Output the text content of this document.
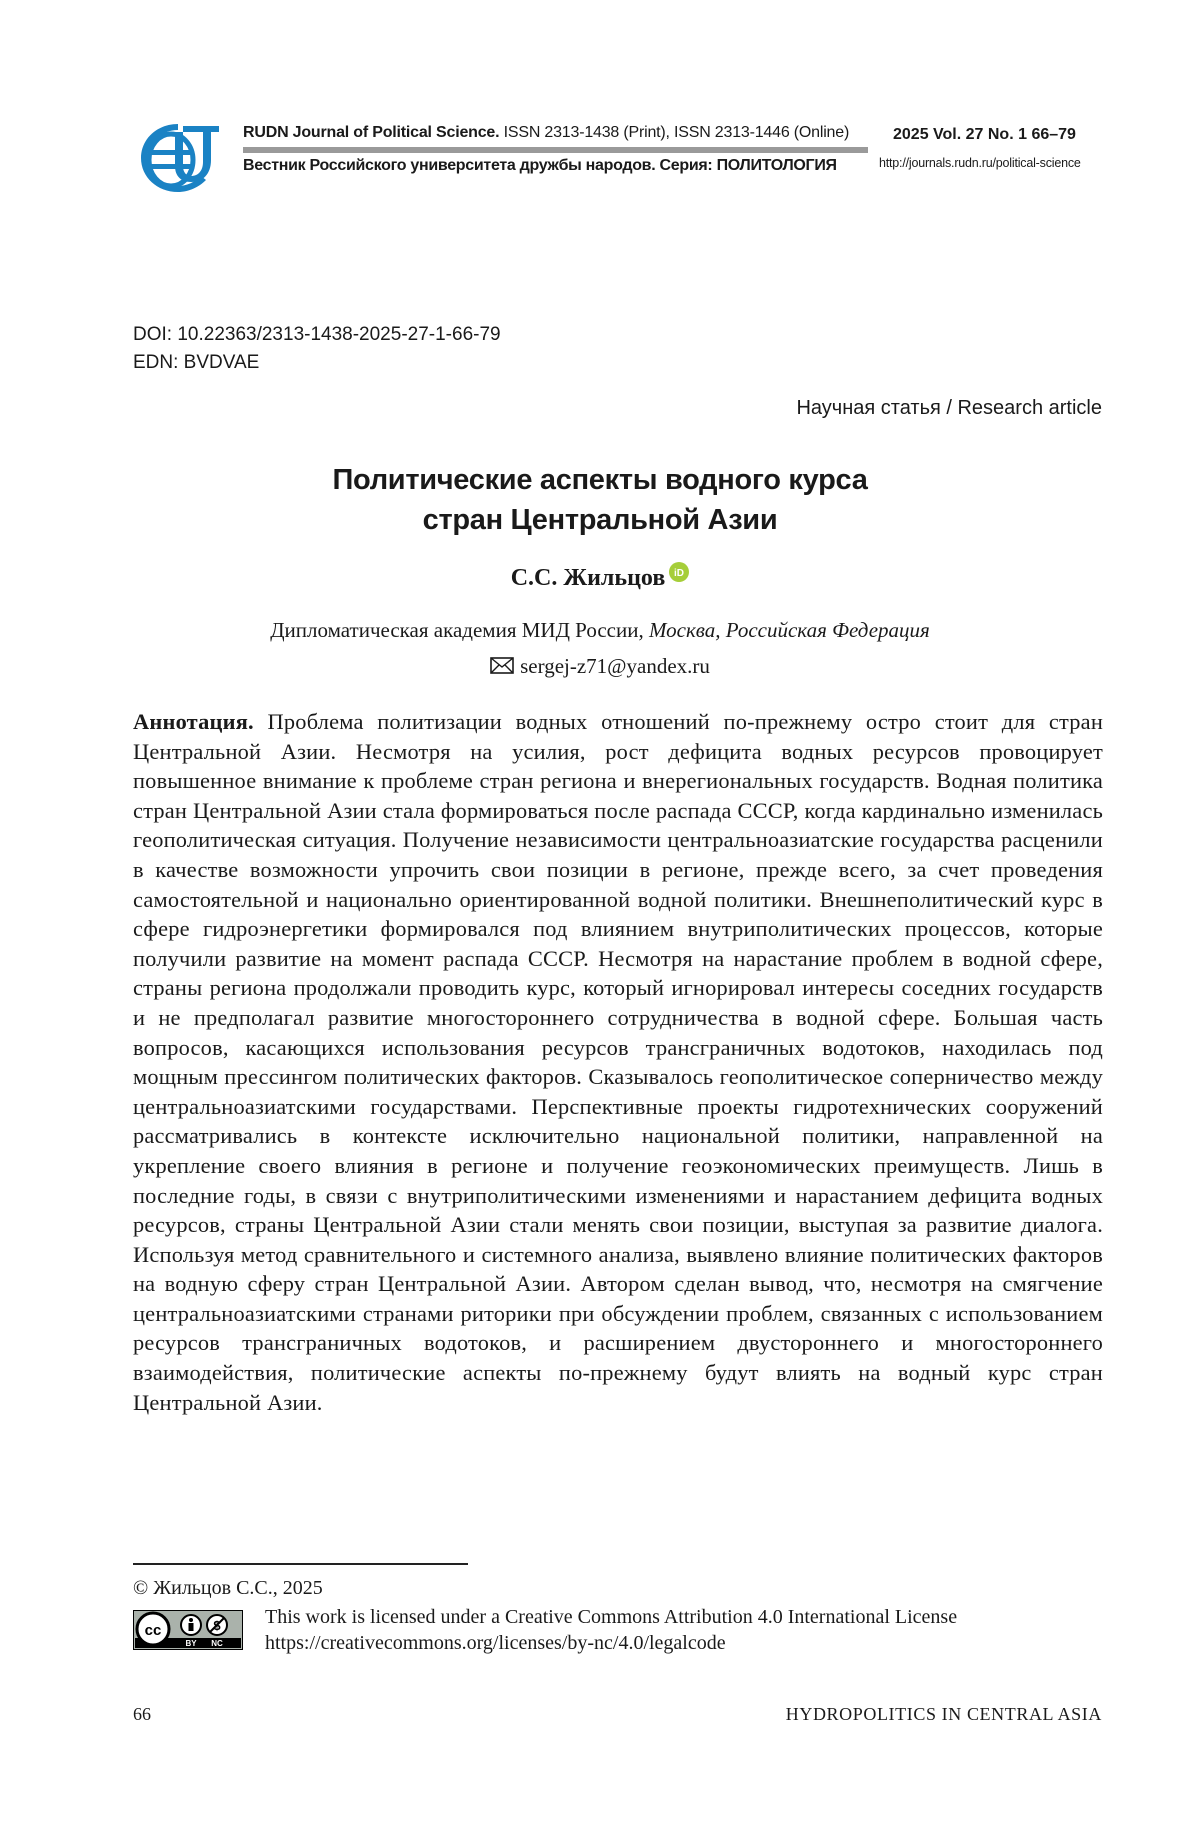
RUDN Journal of Political Science. ISSN 2313-1438 (Print), ISSN 2313-1446 (Online)
Вестник Российского университета дружбы народов. Серия: ПОЛИТОЛОГИЯ
2025 Vol. 27 No. 1 66–79
http://journals.rudn.ru/political-science
DOI: 10.22363/2313-1438-2025-27-1-66-79
EDN: BVDVAE
Научная статья / Research article
Политические аспекты водного курса
стран Центральной Азии
С.С. Жильцов iD
Дипломатическая академия МИД России, Москва, Российская Федерация
sergej-z71@yandex.ru
Аннотация. Проблема политизации водных отношений по-прежнему остро стоит для стран Центральной Азии. Несмотря на усилия, рост дефицита водных ресурсов провоцирует повышенное внимание к проблеме стран региона и внерегиональных государств. Водная политика стран Центральной Азии стала формироваться после распада СССР, когда кардинально изменилась геополитическая ситуация. Получение независимости центральноазиатские государства расценили в качестве возможности упрочить свои позиции в регионе, прежде всего, за счет проведения самостоятельной и национально ориентированной водной политики. Внешнеполитический курс в сфере гидроэнергетики формировался под влиянием внутриполитических процессов, которые получили развитие на момент распада СССР. Несмотря на нарастание проблем в водной сфере, страны региона продолжали проводить курс, который игнорировал интересы соседних государств и не предполагал развитие многостороннего сотрудничества в водной сфере. Большая часть вопросов, касающихся использования ресурсов трансграничных водотоков, находилась под мощным прессингом политических факторов. Сказывалось геополитическое соперничество между центральноазиатскими государствами. Перспективные проекты гидротехнических сооружений рассматривались в контексте исключительно национальной политики, направленной на укрепление своего влияния в регионе и получение геоэкономических преимуществ. Лишь в последние годы, в связи с внутриполитическими изменениями и нарастанием дефицита водных ресурсов, страны Центральной Азии стали менять свои позиции, выступая за развитие диалога. Используя метод сравнительного и системного анализа, выявлено влияние политических факторов на водную сферу стран Центральной Азии. Автором сделан вывод, что, несмотря на смягчение центральноазиатскими странами риторики при обсуждении проблем, связанных с использованием ресурсов трансграничных водотоков, и расширением двустороннего и многостороннего взаимодействия, политические аспекты по-прежнему будут влиять на водный курс стран Центральной Азии.
© Жильцов С.С., 2025
cc
BY NC
This work is licensed under a Creative Commons Attribution 4.0 International License
https://creativecommons.org/licenses/by-nc/4.0/legalcode
66	HYDROPOLITICS IN CENTRAL ASIA
